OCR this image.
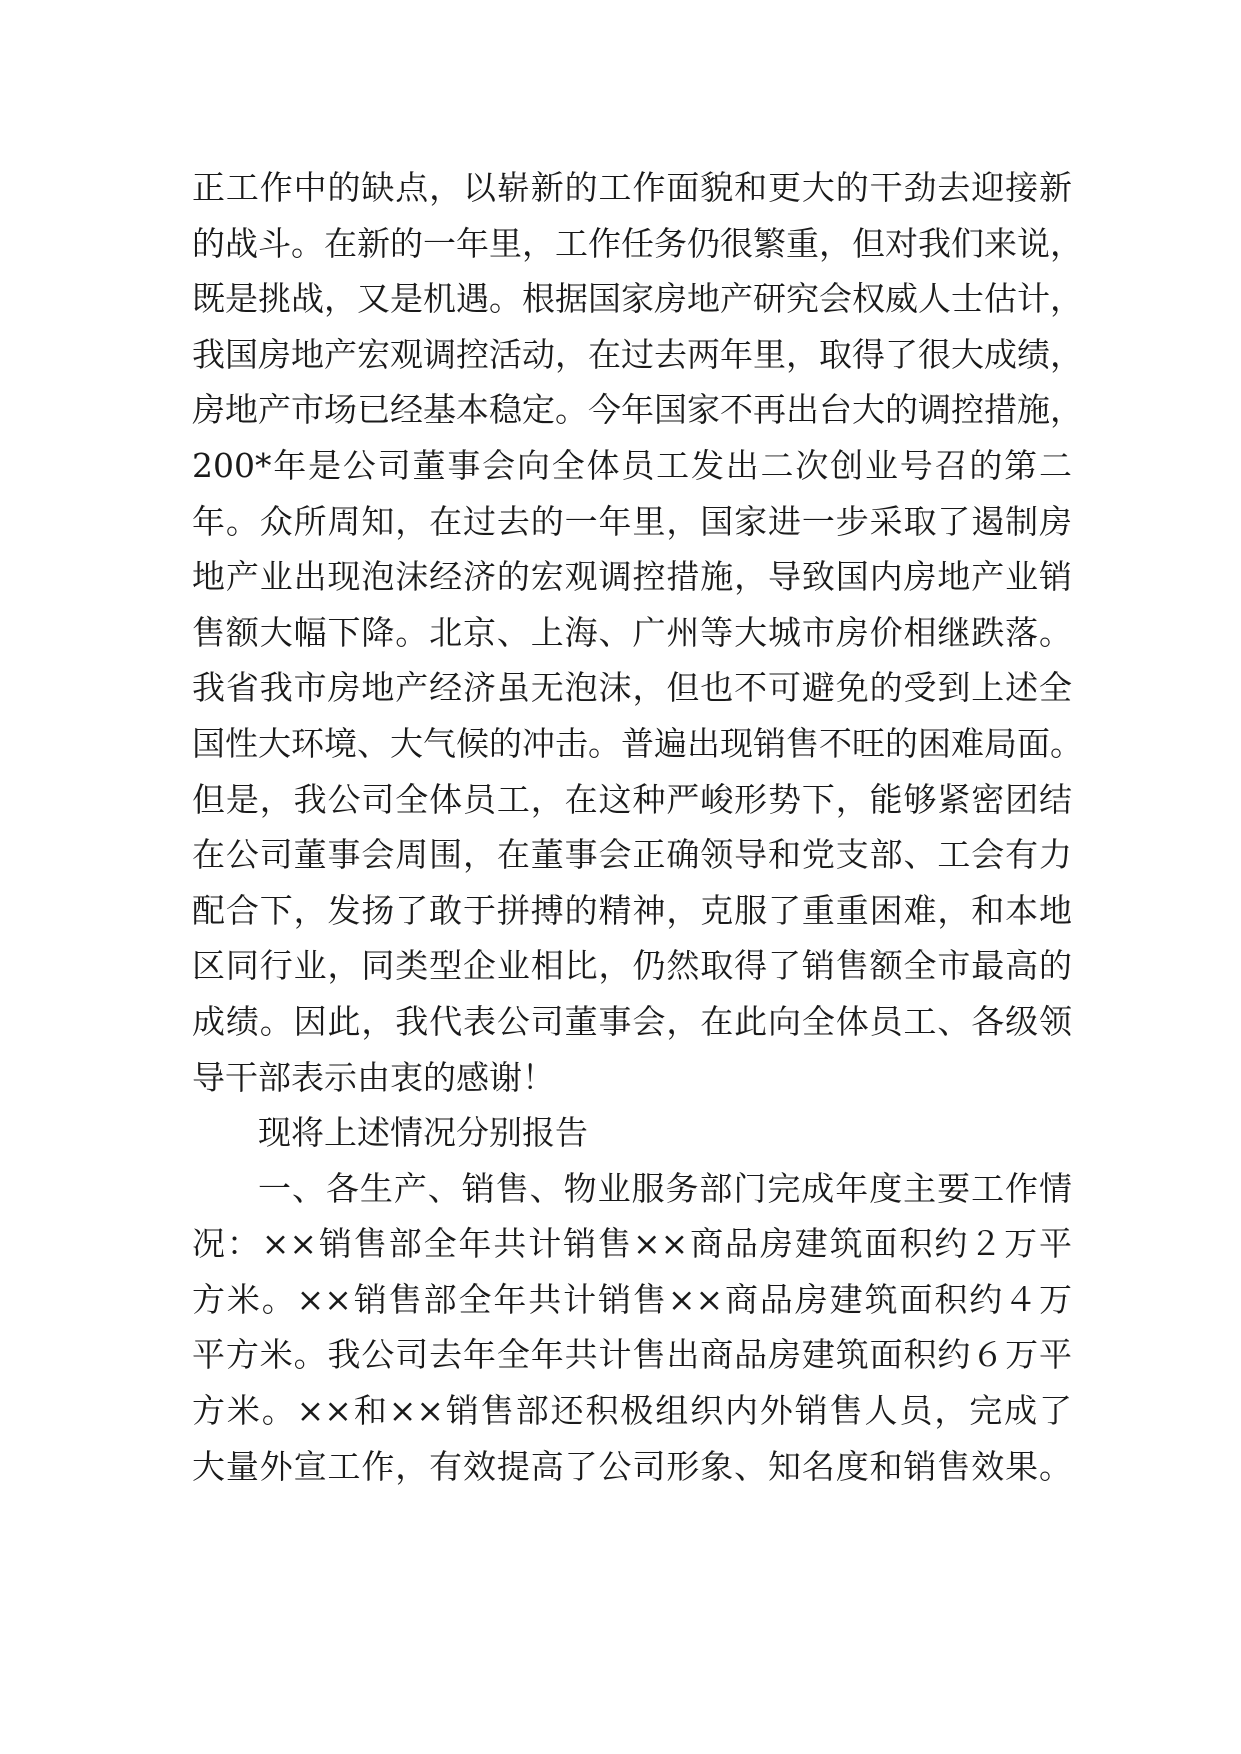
正工作中的缺点，以崭新的工作面貌和更大的干劲去迎接新
的战斗。在新的一年里，工作任务仍很繁重，但对我们来说，
既是挑战，又是机遇。根据国家房地产研究会权威人士估计，
我国房地产宏观调控活动，在过去两年里，取得了很大成绩，
房地产市场已经基本稳定。今年国家不再出台大的调控措施，
200*年是公司董事会向全体员工发出二次创业号召的第二
年。众所周知，在过去的一年里，国家进一步采取了遏制房
地产业出现泡沫经济的宏观调控措施，导致国内房地产业销
售额大幅下降。北京、上海、广州等大城市房价相继跌落。
我省我市房地产经济虽无泡沫，但也不可避免的受到上述全
国性大环境、大气候的冲击。普遍出现销售不旺的困难局面。
但是，我公司全体员工，在这种严峻形势下，能够紧密团结
在公司董事会周围，在董事会正确领导和党支部、工会有力
配合下，发扬了敢于拼搏的精神，克服了重重困难，和本地
区同行业，同类型企业相比，仍然取得了销售额全市最高的
成绩。因此，我代表公司董事会，在此向全体员工、各级领
导干部表示由衷的感谢！
现将上述情况分别报告
一、各生产、销售、物业服务部门完成年度主要工作情
况：××销售部全年共计销售××商品房建筑面积约２万平
方米。××销售部全年共计销售××商品房建筑面积约４万
平方米。我公司去年全年共计售出商品房建筑面积约６万平
方米。××和××销售部还积极组织内外销售人员，完成了
大量外宣工作，有效提高了公司形象、知名度和销售效果。
